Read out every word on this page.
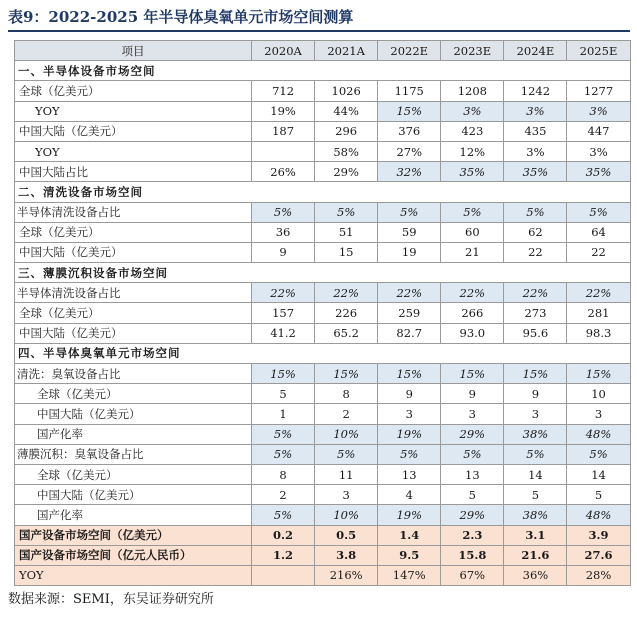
表9：2022-2025 年半导体臭氧单元市场空间测算
项目	2020A	2021A	2022E	2023E	2024E	2025E
一、半导体设备市场空间						
全球（亿美元）	712	1026	1175	1208	1242	1277
YOY	19%	44%	15%	3%	3%	3%
中国大陆（亿美元）	187	296	376	423	435	447
YOY		58%	27%	12%	3%	3%
中国大陆占比	26%	29%	32%	35%	35%	35%
二、清洗设备市场空间						
半导体清洗设备占比	5%	5%	5%	5%	5%	5%
全球（亿美元）	36	51	59	60	62	64
中国大陆（亿美元）	9	15	19	21	22	22
三、薄膜沉积设备市场空间						
半导体清洗设备占比	22%	22%	22%	22%	22%	22%
全球（亿美元）	157	226	259	266	273	281
中国大陆（亿美元）	41.2	65.2	82.7	93.0	95.6	98.3
四、半导体臭氧单元市场空间						
清洗：臭氧设备占比	15%	15%	15%	15%	15%	15%
全球（亿美元）	5	8	9	9	9	10
中国大陆（亿美元）	1	2	3	3	3	3
国产化率	5%	10%	19%	29%	38%	48%
薄膜沉积：臭氧设备占比	5%	5%	5%	5%	5%	5%
全球（亿美元）	8	11	13	13	14	14
中国大陆（亿美元）	2	3	4	5	5	5
国产化率	5%	10%	19%	29%	38%	48%
国产设备市场空间（亿美元）	0.2	0.5	1.4	2.3	3.1	3.9
国产设备市场空间（亿元人民币）	1.2	3.8	9.5	15.8	21.6	27.6
YOY		216%	147%	67%	36%	28%
数据来源：SEMI，东吴证券研究所
